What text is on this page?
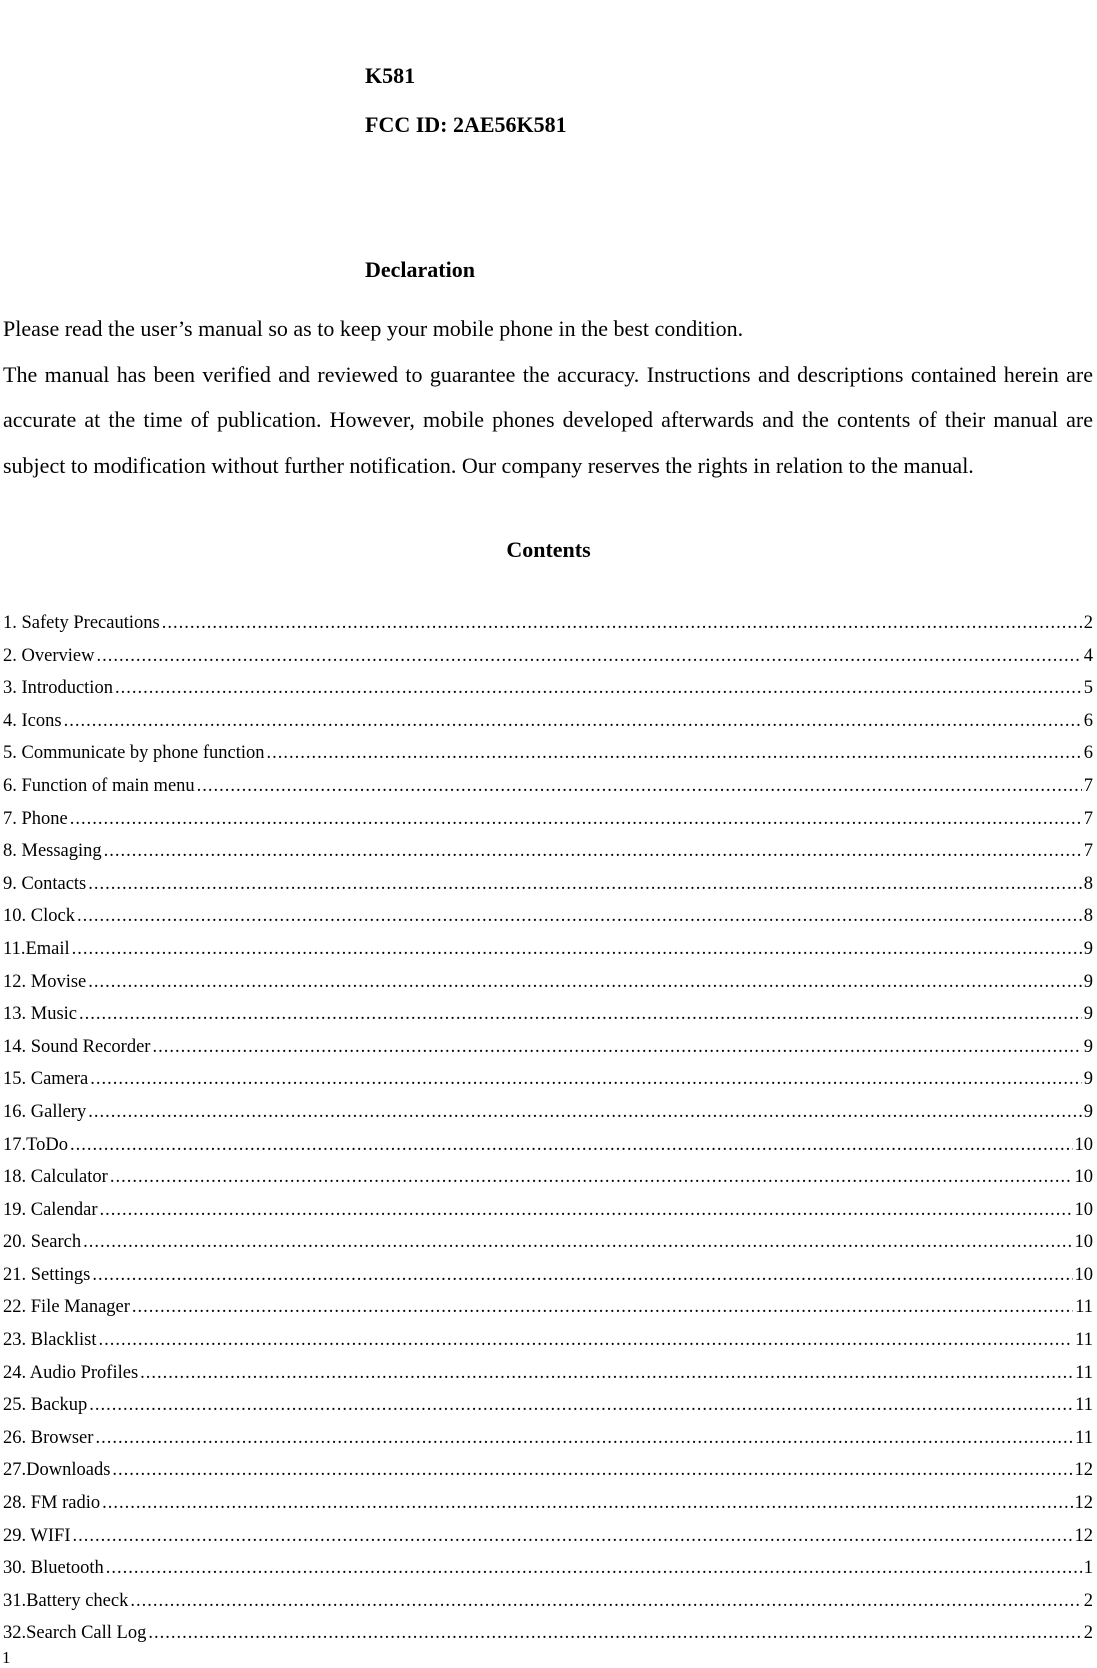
K581

FCC ID: 2AE56K581

Declaration

Please read the user’s manual so as to keep your mobile phone in the best condition.

The manual has been verified and reviewed to guarantee the accuracy. Instructions and descriptions contained herein are accurate at the time of publication. However, mobile phones developed afterwards and the contents of their manual are subject to modification without further notification. Our company reserves the rights in relation to the manual.

Contents
1. Safety Precautions .....	2
2. Overview .....	4
3. Introduction .....	5
4. Icons .....	6
5. Communicate by phone function .....	6
6. Function of main menu .....	7
7. Phone .....	7
8. Messaging .....	7
9. Contacts .....	8
10. Clock .....	8
11.Email .....	9
12. Movise .....	9
13. Music .....	9
14. Sound Recorder .....	9
15. Camera .....	9
16. Gallery .....	9
17.ToDo .....	10
18. Calculator .....	10
19. Calendar .....	10
20. Search .....	10
21. Settings .....	10
22. File Manager .....	11
23. Blacklist .....	11
24. Audio Profiles .....	11
25. Backup .....	11
26. Browser .....	11
27.Downloads .....	12
28. FM radio .....	12
29. WIFI .....	12
30. Bluetooth .....	1
31.Battery check .....	2
32.Search Call Log .....	2
1
